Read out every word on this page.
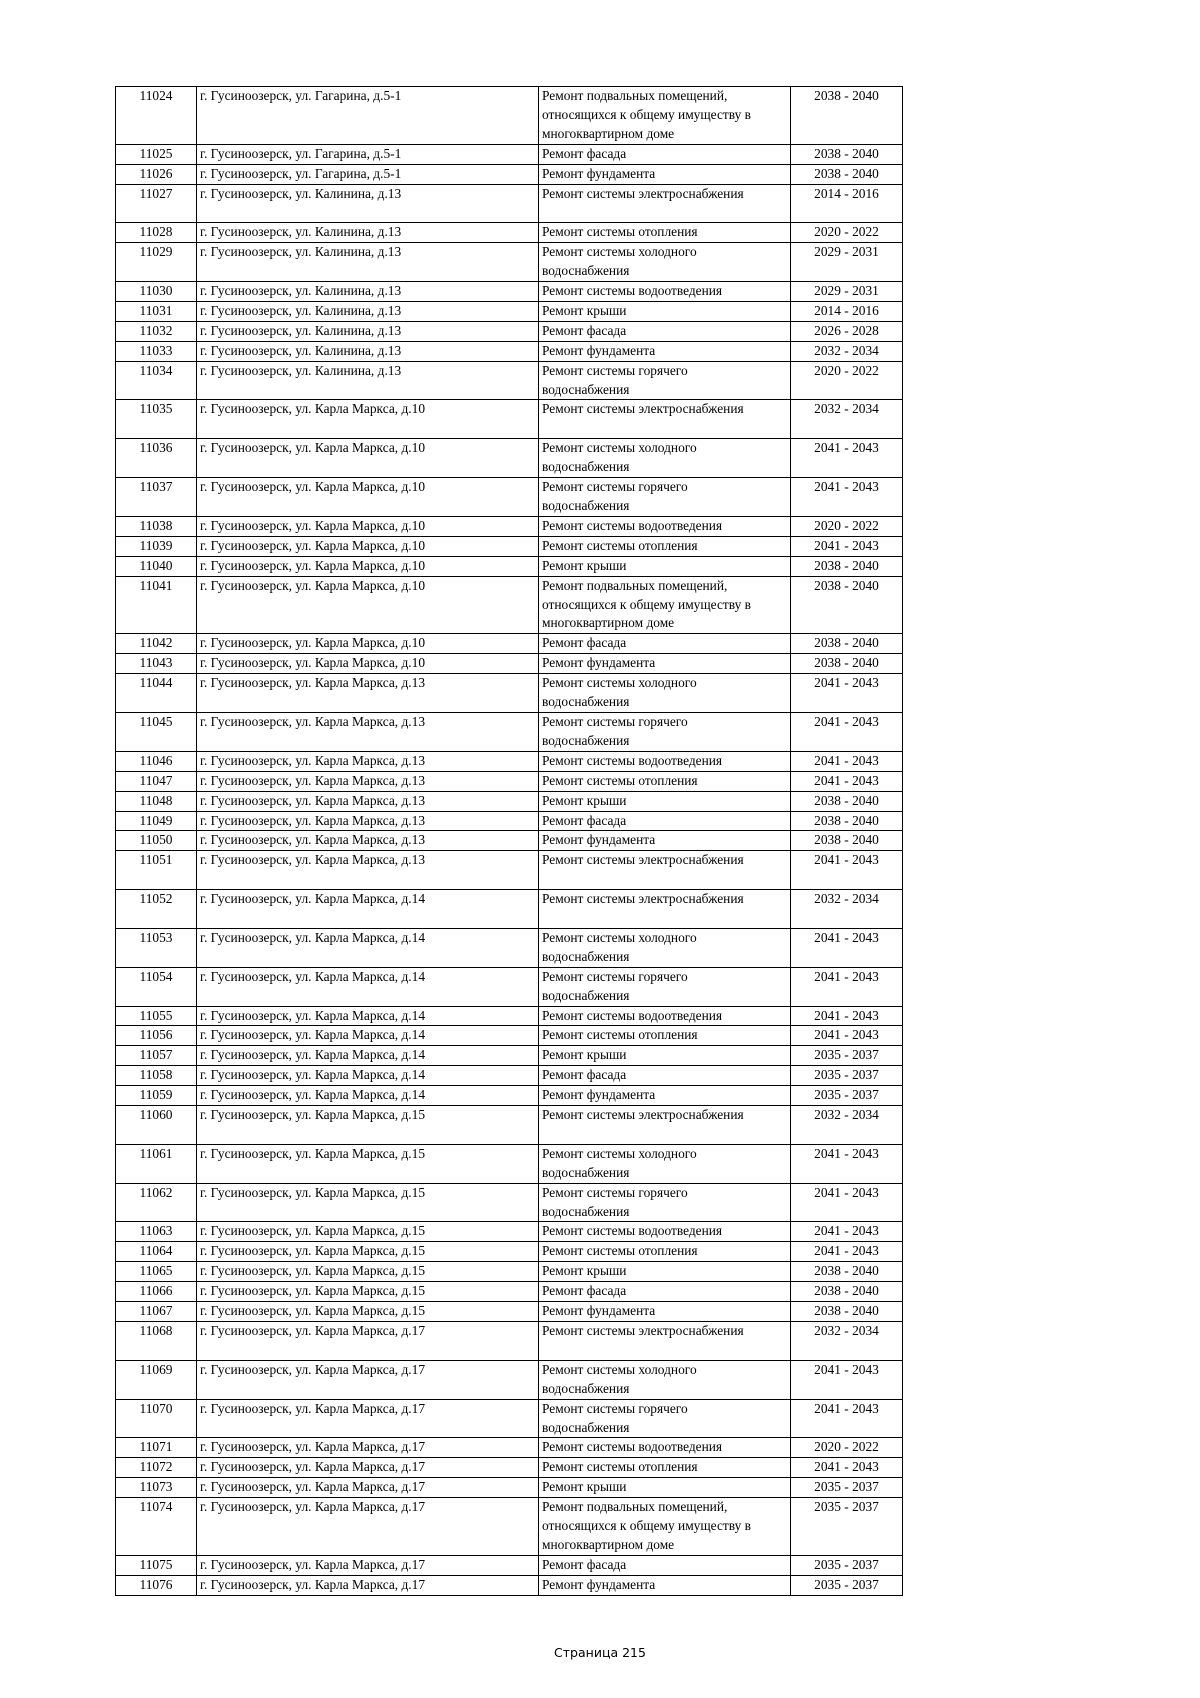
11024	г. Гусиноозерск, ул. Гагарина, д.5-1	Ремонт подвальных помещений,
относящихся к общему имуществу в
многоквартирном доме	2038 - 2040
11025	г. Гусиноозерск, ул. Гагарина, д.5-1	Ремонт фасада	2038 - 2040
11026	г. Гусиноозерск, ул. Гагарина, д.5-1	Ремонт фундамента	2038 - 2040
11027	г. Гусиноозерск, ул. Калинина, д.13	Ремонт системы электроснабжения	2014 - 2016
11028	г. Гусиноозерск, ул. Калинина, д.13	Ремонт системы отопления	2020 - 2022
11029	г. Гусиноозерск, ул. Калинина, д.13	Ремонт системы холодного
водоснабжения	2029 - 2031
11030	г. Гусиноозерск, ул. Калинина, д.13	Ремонт системы водоотведения	2029 - 2031
11031	г. Гусиноозерск, ул. Калинина, д.13	Ремонт крыши	2014 - 2016
11032	г. Гусиноозерск, ул. Калинина, д.13	Ремонт фасада	2026 - 2028
11033	г. Гусиноозерск, ул. Калинина, д.13	Ремонт фундамента	2032 - 2034
11034	г. Гусиноозерск, ул. Калинина, д.13	Ремонт системы горячего
водоснабжения	2020 - 2022
11035	г. Гусиноозерск, ул. Карла Маркса, д.10	Ремонт системы электроснабжения	2032 - 2034
11036	г. Гусиноозерск, ул. Карла Маркса, д.10	Ремонт системы холодного
водоснабжения	2041 - 2043
11037	г. Гусиноозерск, ул. Карла Маркса, д.10	Ремонт системы горячего
водоснабжения	2041 - 2043
11038	г. Гусиноозерск, ул. Карла Маркса, д.10	Ремонт системы водоотведения	2020 - 2022
11039	г. Гусиноозерск, ул. Карла Маркса, д.10	Ремонт системы отопления	2041 - 2043
11040	г. Гусиноозерск, ул. Карла Маркса, д.10	Ремонт крыши	2038 - 2040
11041	г. Гусиноозерск, ул. Карла Маркса, д.10	Ремонт подвальных помещений,
относящихся к общему имуществу в
многоквартирном доме	2038 - 2040
11042	г. Гусиноозерск, ул. Карла Маркса, д.10	Ремонт фасада	2038 - 2040
11043	г. Гусиноозерск, ул. Карла Маркса, д.10	Ремонт фундамента	2038 - 2040
11044	г. Гусиноозерск, ул. Карла Маркса, д.13	Ремонт системы холодного
водоснабжения	2041 - 2043
11045	г. Гусиноозерск, ул. Карла Маркса, д.13	Ремонт системы горячего
водоснабжения	2041 - 2043
11046	г. Гусиноозерск, ул. Карла Маркса, д.13	Ремонт системы водоотведения	2041 - 2043
11047	г. Гусиноозерск, ул. Карла Маркса, д.13	Ремонт системы отопления	2041 - 2043
11048	г. Гусиноозерск, ул. Карла Маркса, д.13	Ремонт крыши	2038 - 2040
11049	г. Гусиноозерск, ул. Карла Маркса, д.13	Ремонт фасада	2038 - 2040
11050	г. Гусиноозерск, ул. Карла Маркса, д.13	Ремонт фундамента	2038 - 2040
11051	г. Гусиноозерск, ул. Карла Маркса, д.13	Ремонт системы электроснабжения	2041 - 2043
11052	г. Гусиноозерск, ул. Карла Маркса, д.14	Ремонт системы электроснабжения	2032 - 2034
11053	г. Гусиноозерск, ул. Карла Маркса, д.14	Ремонт системы холодного
водоснабжения	2041 - 2043
11054	г. Гусиноозерск, ул. Карла Маркса, д.14	Ремонт системы горячего
водоснабжения	2041 - 2043
11055	г. Гусиноозерск, ул. Карла Маркса, д.14	Ремонт системы водоотведения	2041 - 2043
11056	г. Гусиноозерск, ул. Карла Маркса, д.14	Ремонт системы отопления	2041 - 2043
11057	г. Гусиноозерск, ул. Карла Маркса, д.14	Ремонт крыши	2035 - 2037
11058	г. Гусиноозерск, ул. Карла Маркса, д.14	Ремонт фасада	2035 - 2037
11059	г. Гусиноозерск, ул. Карла Маркса, д.14	Ремонт фундамента	2035 - 2037
11060	г. Гусиноозерск, ул. Карла Маркса, д.15	Ремонт системы электроснабжения	2032 - 2034
11061	г. Гусиноозерск, ул. Карла Маркса, д.15	Ремонт системы холодного
водоснабжения	2041 - 2043
11062	г. Гусиноозерск, ул. Карла Маркса, д.15	Ремонт системы горячего
водоснабжения	2041 - 2043
11063	г. Гусиноозерск, ул. Карла Маркса, д.15	Ремонт системы водоотведения	2041 - 2043
11064	г. Гусиноозерск, ул. Карла Маркса, д.15	Ремонт системы отопления	2041 - 2043
11065	г. Гусиноозерск, ул. Карла Маркса, д.15	Ремонт крыши	2038 - 2040
11066	г. Гусиноозерск, ул. Карла Маркса, д.15	Ремонт фасада	2038 - 2040
11067	г. Гусиноозерск, ул. Карла Маркса, д.15	Ремонт фундамента	2038 - 2040
11068	г. Гусиноозерск, ул. Карла Маркса, д.17	Ремонт системы электроснабжения	2032 - 2034
11069	г. Гусиноозерск, ул. Карла Маркса, д.17	Ремонт системы холодного
водоснабжения	2041 - 2043
11070	г. Гусиноозерск, ул. Карла Маркса, д.17	Ремонт системы горячего
водоснабжения	2041 - 2043
11071	г. Гусиноозерск, ул. Карла Маркса, д.17	Ремонт системы водоотведения	2020 - 2022
11072	г. Гусиноозерск, ул. Карла Маркса, д.17	Ремонт системы отопления	2041 - 2043
11073	г. Гусиноозерск, ул. Карла Маркса, д.17	Ремонт крыши	2035 - 2037
11074	г. Гусиноозерск, ул. Карла Маркса, д.17	Ремонт подвальных помещений,
относящихся к общему имуществу в
многоквартирном доме	2035 - 2037
11075	г. Гусиноозерск, ул. Карла Маркса, д.17	Ремонт фасада	2035 - 2037
11076	г. Гусиноозерск, ул. Карла Маркса, д.17	Ремонт фундамента	2035 - 2037
Страница 215
